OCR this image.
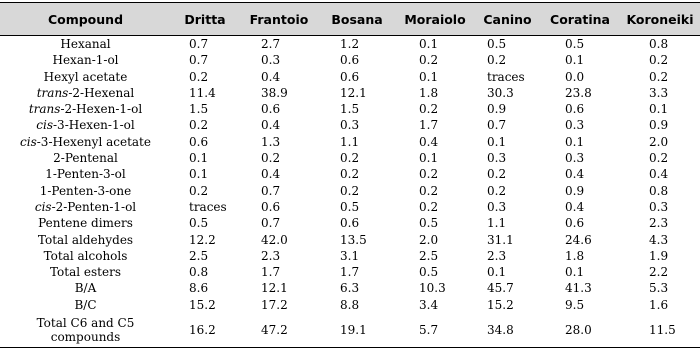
Compound	Dritta	Frantoio	Bosana	Moraiolo	Canino	Coratina	Koroneiki
Hexanal	0.7	2.7	1.2	0.1	0.5	0.5	0.8
Hexan-1-ol	0.7	0.3	0.6	0.2	0.2	0.1	0.2
Hexyl acetate	0.2	0.4	0.6	0.1	traces	0.0	0.2
trans-2-Hexenal	11.4	38.9	12.1	1.8	30.3	23.8	3.3
trans-2-Hexen-1-ol	1.5	0.6	1.5	0.2	0.9	0.6	0.1
cis-3-Hexen-1-ol	0.2	0.4	0.3	1.7	0.7	0.3	0.9
cis-3-Hexenyl acetate	0.6	1.3	1.1	0.4	0.1	0.1	2.0
2-Pentenal	0.1	0.2	0.2	0.1	0.3	0.3	0.2
1-Penten-3-ol	0.1	0.4	0.2	0.2	0.2	0.4	0.4
1-Penten-3-one	0.2	0.7	0.2	0.2	0.2	0.9	0.8
cis-2-Penten-1-ol	traces	0.6	0.5	0.2	0.3	0.4	0.3
Pentene dimers	0.5	0.7	0.6	0.5	1.1	0.6	2.3
Total aldehydes	12.2	42.0	13.5	2.0	31.1	24.6	4.3
Total alcohols	2.5	2.3	3.1	2.5	2.3	1.8	1.9
Total esters	0.8	1.7	1.7	0.5	0.1	0.1	2.2
B/A	8.6	12.1	6.3	10.3	45.7	41.3	5.3
B/C	15.2	17.2	8.8	3.4	15.2	9.5	1.6
Total C6 and C5 compounds	16.2	47.2	19.1	5.7	34.8	28.0	11.5
